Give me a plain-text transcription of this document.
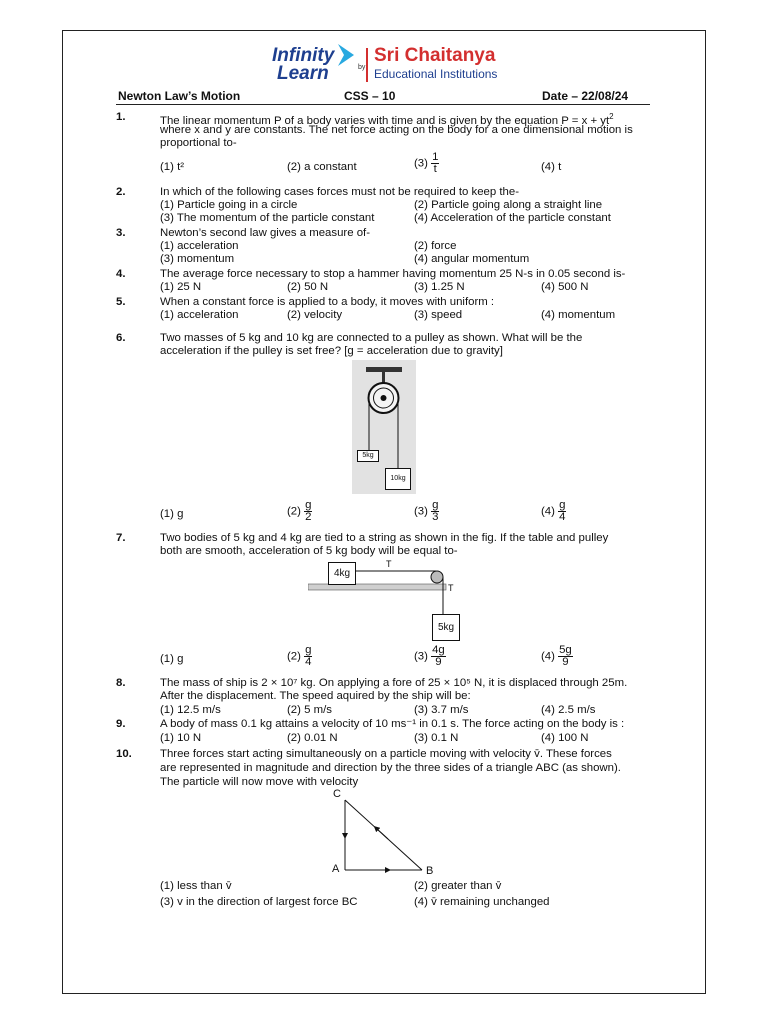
Infinity
Learn	by
Sri Chaitanya
Educational Institutions
Newton Law’s Motion	CSS – 10	Date – 22/08/24
1.	The linear momentum P of a body varies with time and is given by the equation $P = x + yt^2$
where x and y are constants. The net force acting on the body for a one dimensional motion is
proportional to-
(1) t²	(2) a constant	$(3) \frac{1}{t}$	(4) t
2.	In which of the following cases forces must not be required to keep the-
(1) Particle going in a circle	(2) Particle going along a straight line
(3) The momentum of the particle constant	(4) Acceleration of the particle constant
3.	Newton’s second law gives a measure of-
(1) acceleration	(2) force
(3) momentum	(4) angular momentum
4.	The average force necessary to stop a hammer having momentum 25 N-s in 0.05 second is-
(1) 25 N	(2) 50 N	(3) 1.25 N	(4) 500 N
5.	When a constant force is applied to a body, it moves with uniform :
(1) acceleration	(2) velocity	(3) speed	(4) momentum
6.	Two masses of 5 kg and 10 kg are connected to a pulley as shown. What will be the
acceleration if the pulley is set free? [g = acceleration due to gravity]
5kg
10kg
(1) g	$(2) \frac{g}{2}$	$(3) \frac{g}{3}$	$(4) \frac{g}{4}$
7.	Two bodies of 5 kg and 4 kg are tied to a string as shown in the fig. If the table and pulley
both are smooth, acceleration of 5 kg body will be equal to-
4kg
T
T
5kg
(1) g	$(2) \frac{g}{4}$	$(3) \frac{4g}{9}$	$(4) \frac{5g}{9}$
8.	The mass of ship is 2 × 10⁷ kg. On applying a fore of 25 × 10⁵ N, it is displaced through 25m.
After the displacement. The speed aquired by the ship will be:
(1) 12.5 m/s	(2) 5 m/s	(3) 3.7 m/s	(4) 2.5 m/s
9.	A body of mass 0.1 kg attains a velocity of 10 ms⁻¹ in 0.1 s. The force acting on the body is :
(1) 10 N	(2) 0.01 N	(3) 0.1 N	(4) 100 N
10. Three forces start acting simultaneously on a particle moving with velocity v̄. These forces
are represented in magnitude and direction by the three sides of a triangle ABC (as shown).
The particle will now move with velocity
C
A	B
(1) less than v̄	(2) greater than v̄
(3) v in the direction of largest force BC	(4) v̄ remaining unchanged
